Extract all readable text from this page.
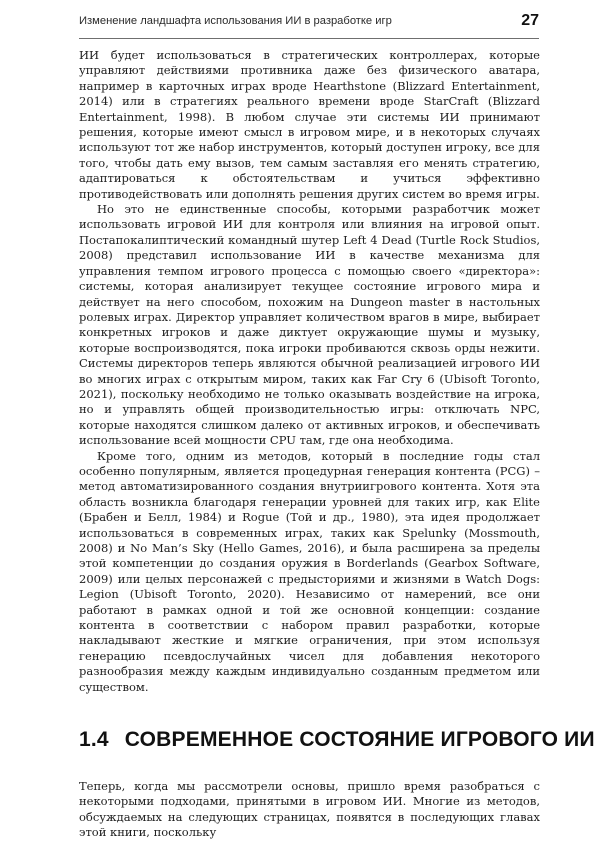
Изменение ландшафта использования ИИ в разработке игр	27

ИИ будет использоваться в стратегических контроллерах, которые управляют действиями противника даже без физического аватара, например в карточных играх вроде Hearthstone (Blizzard Entertainment, 2014) или в стратегиях реального времени вроде StarCraft (Blizzard Entertainment, 1998). В любом случае эти системы ИИ принимают решения, которые имеют смысл в игровом мире, и в некоторых случаях используют тот же набор инструментов, который доступен игроку, все для того, чтобы дать ему вызов, тем самым заставляя его менять стратегию, адаптироваться к обстоятельствам и учиться эффективно противодействовать или дополнять решения других систем во время игры.

Но это не единственные способы, которыми разработчик может использовать игровой ИИ для контроля или влияния на игровой опыт. Постапокалиптический командный шутер Left 4 Dead (Turtle Rock Studios, 2008) представил использование ИИ в качестве механизма для управления темпом игрового процесса с помощью своего «директора»: системы, которая анализирует текущее состояние игрового мира и действует на него способом, похожим на Dungeon master в настольных ролевых играх. Директор управляет количеством врагов в мире, выбирает конкретных игроков и даже диктует окружающие шумы и музыку, которые воспроизводятся, пока игроки пробиваются сквозь орды нежити. Системы директоров теперь являются обычной реализацией игрового ИИ во многих играх с открытым миром, таких как Far Cry 6 (Ubisoft Toronto, 2021), поскольку необходимо не только оказывать воздействие на игрока, но и управлять общей производительностью игры: отключать NPC, которые находятся слишком далеко от активных игроков, и обеспечивать использование всей мощности CPU там, где она необходима.

Кроме того, одним из методов, который в последние годы стал особенно популярным, является процедурная генерация контента (PCG) – метод автоматизированного создания внутриигрового контента. Хотя эта область возникла благодаря генерации уровней для таких игр, как Elite (Брабен и Белл, 1984) и Rogue (Той и др., 1980), эта идея продолжает использоваться в современных играх, таких как Spelunky (Mossmouth, 2008) и No Man’s Sky (Hello Games, 2016), и была расширена за пределы этой компетенции до создания оружия в Borderlands (Gearbox Software, 2009) или целых персонажей с предысториями и жизнями в Watch Dogs: Legion (Ubisoft Toronto, 2020). Независимо от намерений, все они работают в рамках одной и той же основной концепции: создание контента в соответствии с набором правил разработки, которые накладывают жесткие и мягкие ограничения, при этом используя генерацию псевдослучайных чисел для добавления некоторого разнообразия между каждым индивидуально созданным предметом или существом.

1.4 СОВРЕМЕННОЕ СОСТОЯНИЕ ИГРОВОГО ИИ

Теперь, когда мы рассмотрели основы, пришло время разобраться с некоторыми подходами, принятыми в игровом ИИ. Многие из методов, обсуждаемых на следующих страницах, появятся в последующих главах этой книги, поскольку
